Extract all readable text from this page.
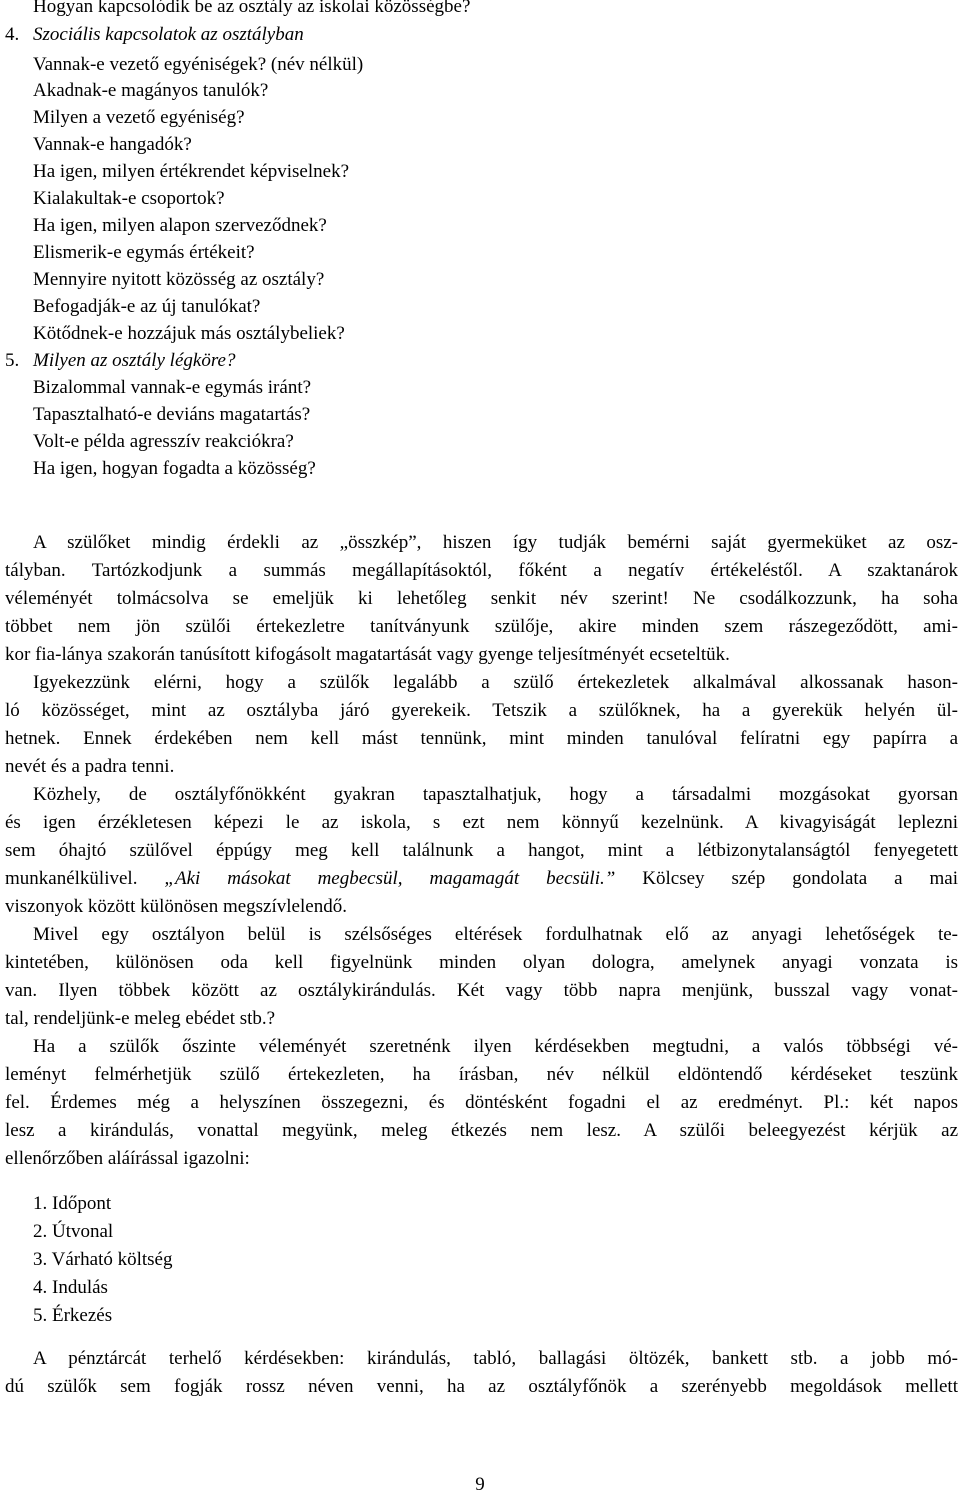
Hogyan kapcsolódik be az osztály az iskolai közösségbe?
4. Szociális kapcsolatok az osztályban
Vannak-e vezető egyéniségek? (név nélkül)
Akadnak-e magányos tanulók?
Milyen a vezető egyéniség?
Vannak-e hangadók?
Ha igen, milyen értékrendet képviselnek?
Kialakultak-e csoportok?
Ha igen, milyen alapon szerveződnek?
Elismerik-e egymás értékeit?
Mennyire nyitott közösség az osztály?
Befogadják-e az új tanulókat?
Kötődnek-e hozzájuk más osztálybeliek?
5. Milyen az osztály légköre?
Bizalommal vannak-e egymás iránt?
Tapasztalható-e deviáns magatartás?
Volt-e példa agresszív reakciókra?
Ha igen, hogyan fogadta a közösség?
A szülőket mindig érdekli az „összkép”, hiszen így tudják bemérni saját gyermeküket az osz-
tályban. Tartózkodjunk a summás megállapításoktól, főként a negatív értékeléstől. A szaktanárok
véleményét tolmácsolva se emeljük ki lehetőleg senkit név szerint! Ne csodálkozzunk, ha soha
többet nem jön szülői értekezletre tanítványunk szülője, akire minden szem rászegeződött, ami-
kor fia-lánya szakorán tanúsított kifogásolt magatartását vagy gyenge teljesítményét ecseteltük.
Igyekezzünk elérni, hogy a szülők legalább a szülő értekezletek alkalmával alkossanak hason-
ló közösséget, mint az osztályba járó gyerekeik. Tetszik a szülőknek, ha a gyerekük helyén ül-
hetnek. Ennek érdekében nem kell mást tennünk, mint minden tanulóval felíratni egy papírra a
nevét és a padra tenni.
Közhely, de osztályfőnökként gyakran tapasztalhatjuk, hogy a társadalmi mozgásokat gyorsan
és igen érzékletesen képezi le az iskola, s ezt nem könnyű kezelnünk. A kivagyiságát leplezni
sem óhajtó szülővel éppúgy meg kell találnunk a hangot, mint a létbizonytalanságtól fenyegetett
munkanélkülivel. „Aki másokat megbecsül, magamagát becsüli.” Kölcsey szép gondolata a mai
viszonyok között különösen megszívlelendő.
Mivel egy osztályon belül is szélsőséges eltérések fordulhatnak elő az anyagi lehetőségek te-
kintetében, különösen oda kell figyelnünk minden olyan dologra, amelynek anyagi vonzata is
van. Ilyen többek között az osztálykirándulás. Két vagy több napra menjünk, busszal vagy vonat-
tal, rendeljünk-e meleg ebédet stb.?
Ha a szülők őszinte véleményét szeretnénk ilyen kérdésekben megtudni, a valós többségi vé-
leményt felmérhetjük szülő értekezleten, ha írásban, név nélkül eldöntendő kérdéseket teszünk
fel. Érdemes még a helyszínen összegezni, és döntésként fogadni el az eredményt. Pl.: két napos
lesz a kirándulás, vonattal megyünk, meleg étkezés nem lesz. A szülői beleegyezést kérjük az
ellenőrzőben aláírással igazolni:
1. Időpont
2. Útvonal
3. Várható költség
4. Indulás
5. Érkezés
A pénztárcát terhelő kérdésekben: kirándulás, tabló, ballagási öltözék, bankett stb. a jobb mó-
dú szülők sem fogják rossz néven venni, ha az osztályfőnök a szerényebb megoldások mellett
9
